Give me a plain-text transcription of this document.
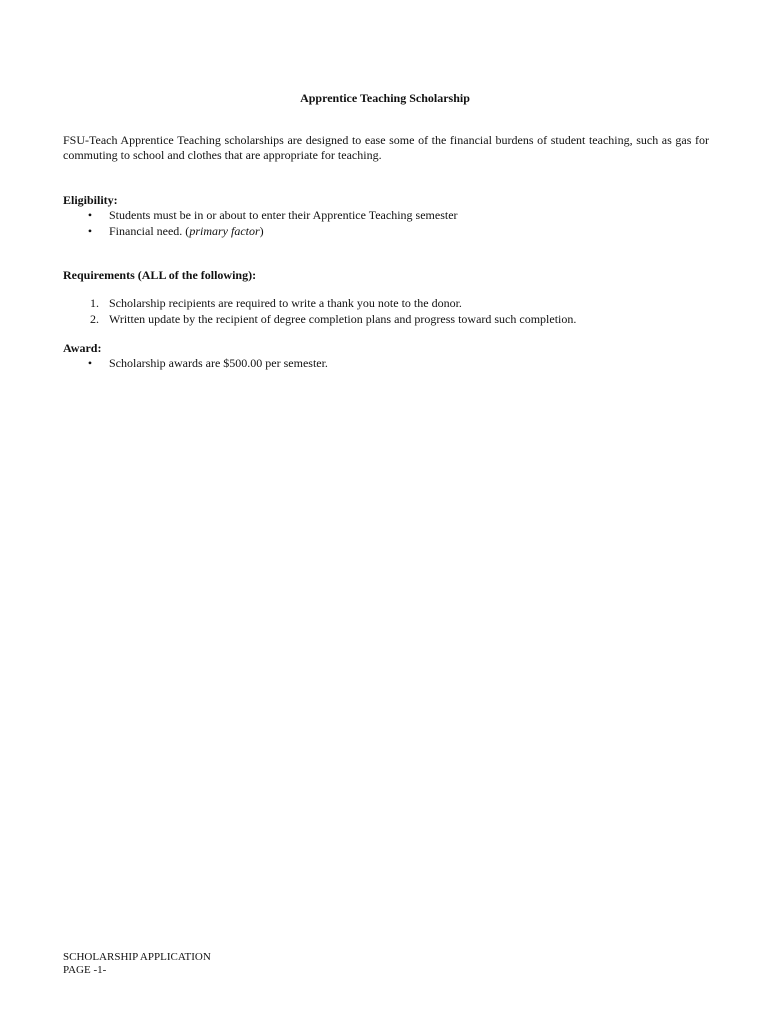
Apprentice Teaching Scholarship
FSU-Teach Apprentice Teaching scholarships are designed to ease some of the financial burdens of student teaching, such as gas for commuting to school and clothes that are appropriate for teaching.
Eligibility:
• Students must be in or about to enter their Apprentice Teaching semester
• Financial need. (primary factor)
Requirements (ALL of the following):
1. Scholarship recipients are required to write a thank you note to the donor.
2. Written update by the recipient of degree completion plans and progress toward such completion.
Award:
• Scholarship awards are $500.00 per semester.
SCHOLARSHIP APPLICATION
PAGE -1-
